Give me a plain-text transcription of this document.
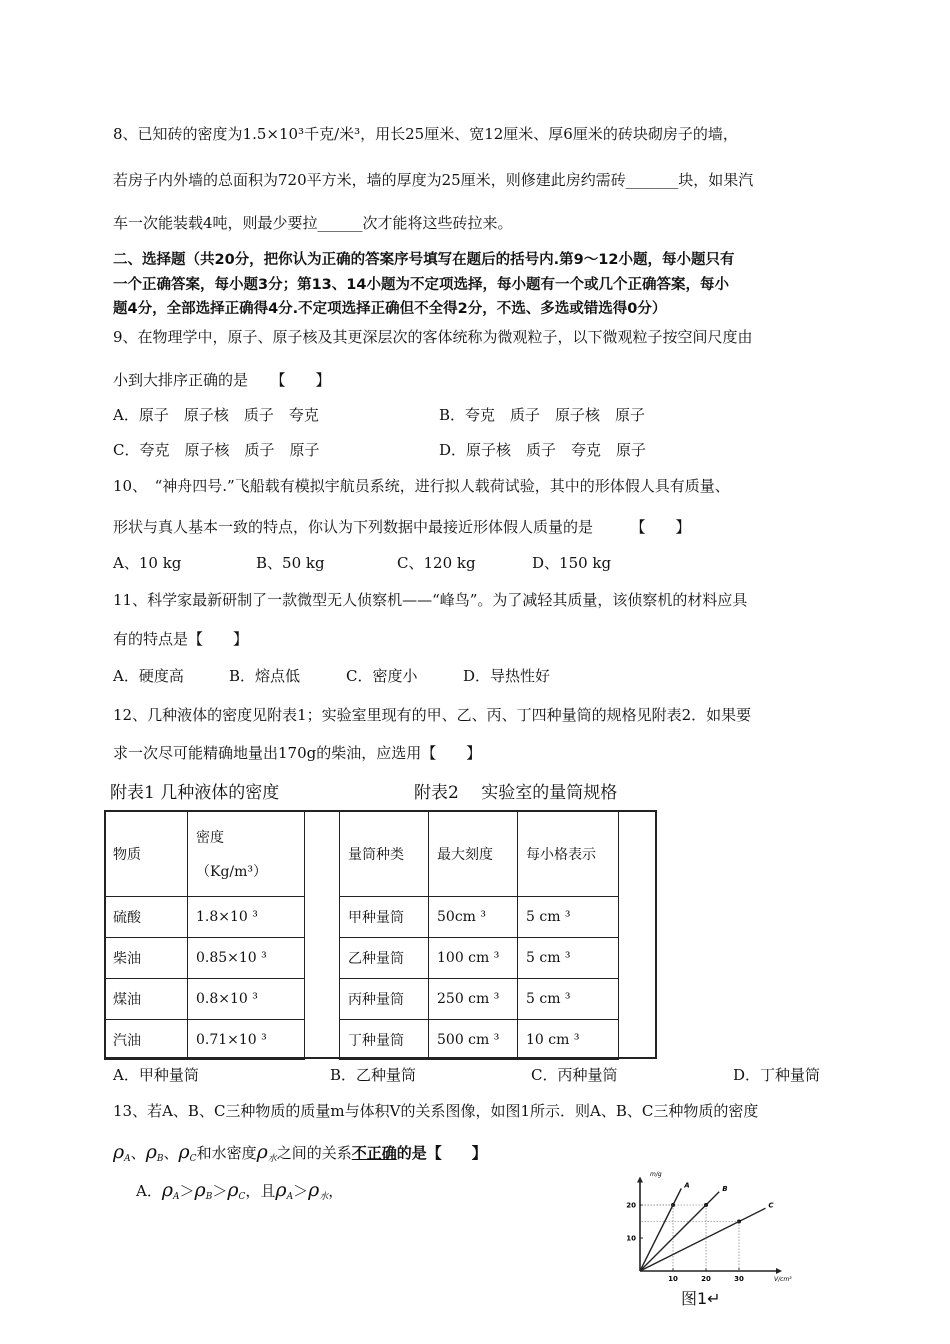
8、已知砖的密度为1.5×10³千克/米³，用长25厘米、宽12厘米、厚6厘米的砖块砌房子的墙，
若房子内外墙的总面积为720平方米，墙的厚度为25厘米，则修建此房约需砖_______块，如果汽
车一次能装载4吨，则最少要拉______次才能将这些砖拉来。
二、选择题（共20分，把你认为正确的答案序号填写在题后的括号内.第9～12小题，每小题只有
一个正确答案，每小题3分；第13、14小题为不定项选择，每小题有一个或几个正确答案，每小
题4分，全部选择正确得4分.不定项选择正确但不全得2分，不选、多选或错选得0分）
9、在物理学中，原子、原子核及其更深层次的客体统称为微观粒子，以下微观粒子按空间尺度由
小到大排序正确的是　　【　　】
A．原子　原子核　质子　夸克	B．夸克　质子　原子核　原子
C．夸克　原子核　质子　原子	D．原子核　质子　夸克　原子
10、　“神舟四号.”飞船载有模拟宇航员系统，进行拟人载荷试验，其中的形体假人具有质量、
形状与真人基本一致的特点，你认为下列数据中最接近形体假人质量的是　　　【　　】
A、10 kg	B、50 kg	C、120 kg	D、150 kg
11、科学家最新研制了一款微型无人侦察机——“峰鸟”。为了减轻其质量，该侦察机的材料应具
有的特点是【　　】
A．硬度高	B．熔点低	C．密度小	D．导热性好
12、几种液体的密度见附表1；实验室里现有的甲、乙、丙、丁四种量筒的规格见附表2．如果要
求一次尽可能精确地量出170g的柴油，应选用【　　】
附表1 几种液体的密度	附表2　 实验室的量筒规格
物质	密度
（Kg/m³）

硫酸	1.8×10 ³
柴油	0.85×10 ³
煤油	0.8×10 ³
汽油	0.71×10 ³
量筒种类	最大刻度	每小格表示
甲种量筒	50cm ³	5 cm ³
乙种量筒	100 cm ³	5 cm ³
丙种量筒	250 cm ³	5 cm ³
丁种量筒	500 cm ³	10 cm ³
A．甲种量筒	B．乙种量筒	C．丙种量筒	D．丁种量筒
13、若A、B、C三种物质的质量m与体积V的关系图像，如图1所示．则A、B、C三种物质的密度
$\rho_A$、$\rho_B$、$\rho_C$和水密度$\rho_水$之间的关系不正确的是【　　】
A．$\rho_A>\rho_B>\rho_C$，且$\rho_A>\rho_水$，
10	20	30
10
20
m/g
V/cm³
A	B
C
图1↵
